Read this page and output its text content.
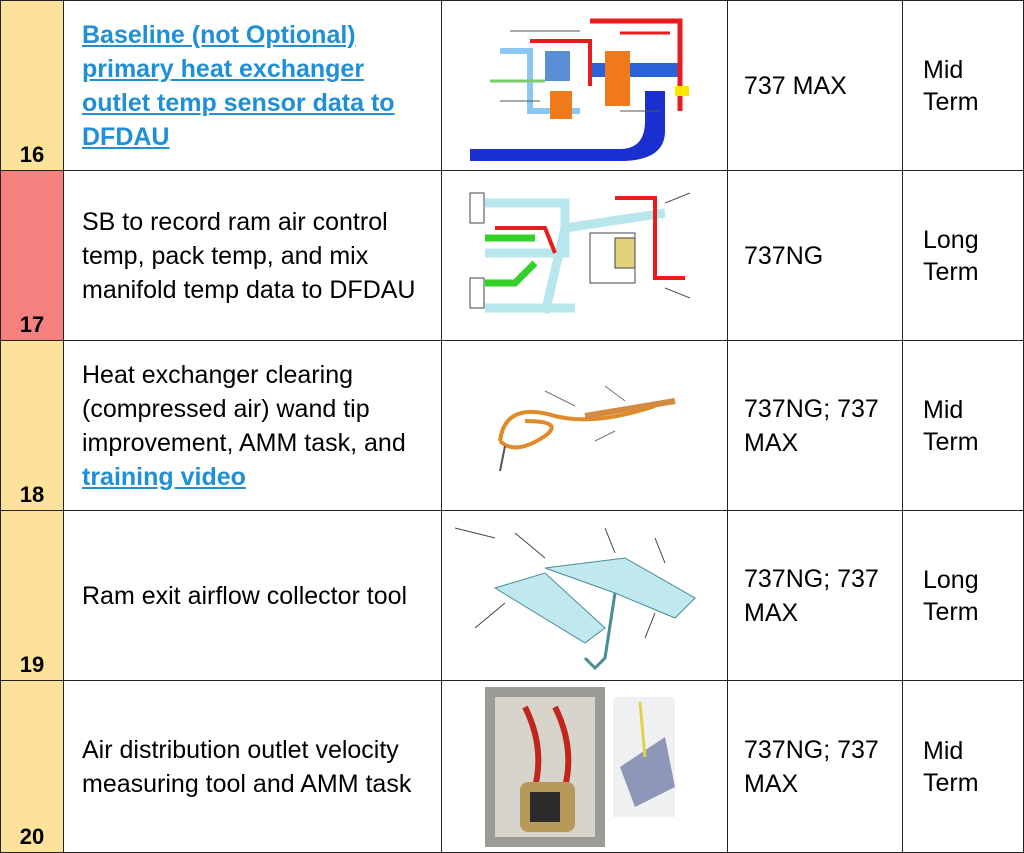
16	Baseline (not Optional) primary heat exchanger outlet temp sensor data to DFDAU		737 MAX	Mid Term
17	SB to record ram air control temp, pack temp, and mix manifold temp data to DFDAU		737NG	Long Term
18	Heat exchanger clearing (compressed air) wand tip improvement, AMM task, and training video		737NG; 737 MAX	Mid Term
19	Ram exit airflow collector tool		737NG; 737 MAX	Long Term
20	Air distribution outlet velocity measuring tool and AMM task		737NG; 737 MAX	Mid Term
